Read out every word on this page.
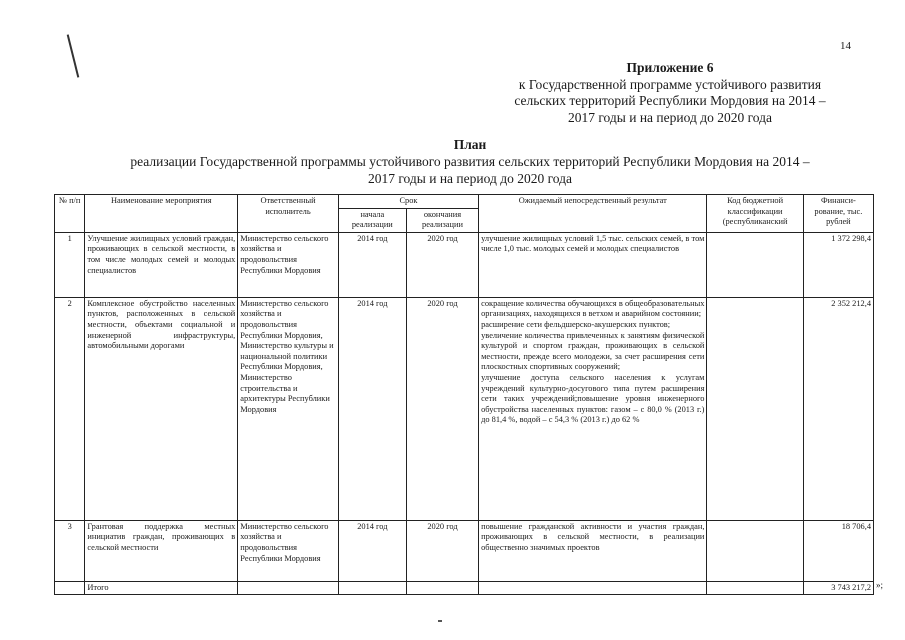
14
Приложение 6
к Государственной программе устойчивого развития
сельских территорий Республики Мордовия на 2014 –
2017 годы и на период до 2020 года
План
реализации Государственной программы устойчивого развития сельских территорий Республики Мордовия на 2014 –
2017 годы и на период до 2020 года
№ п/п	Наименование мероприятия	Ответственный исполнитель	Срок		Ожидаемый непосредственный результат	Код бюджетной классификации (республиканский	Финанси-рование, тыс. рублей
			начала реализации	окончания реализации			
1	Улучшение жилищных условий граждан, проживающих в сельской местности, в том числе молодых семей и молодых специалистов	Министерство сельского хозяйства и продовольствия Республики Мордовия	2014 год	2020 год	улучшение жилищных условий 1,5 тыс. сельских семей, в том числе 1,0 тыс. молодых семей и молодых специалистов		1 372 298,4
2	Комплексное обустройство населенных пунктов, расположенных в сельской местности, объектами социальной и инженерной инфраструктуры, автомобильными дорогами	Министерство сельского хозяйства и продовольствия Республики Мордовия, Министерство культуры и национальной политики Республики Мордовия, Министерство строительства и архитектуры Республики Мордовия	2014 год	2020 год	сокращение количества обучающихся в общеобразовательных организациях, находящихся в ветхом и аварийном состоянии;
расширение сети фельдшерско-акушерских пунктов;
увеличение количества привлеченных к занятиям физической культурой и спортом граждан, проживающих в сельской местности, прежде всего молодежи, за счет расширения сети плоскостных спортивных сооружений;
улучшение доступа сельского населения к услугам учреждений культурно-досугового типа путем расширения сети таких учреждений;повышение уровня инженерного обустройства населенных пунктов: газом – с 80,0 % (2013 г.) до 81,4 %, водой – с 54,3 % (2013 г.) до 62 %		2 352 212,4
3	Грантовая поддержка местных инициатив граждан, проживающих в сельской местности	Министерство сельского хозяйства и продовольствия Республики Мордовия	2014 год	2020 год	повышение гражданской активности и участия граждан, проживающих в сельской местности, в реализации общественно значимых проектов		18 706,4
	Итого						3 743 217,2 »;
